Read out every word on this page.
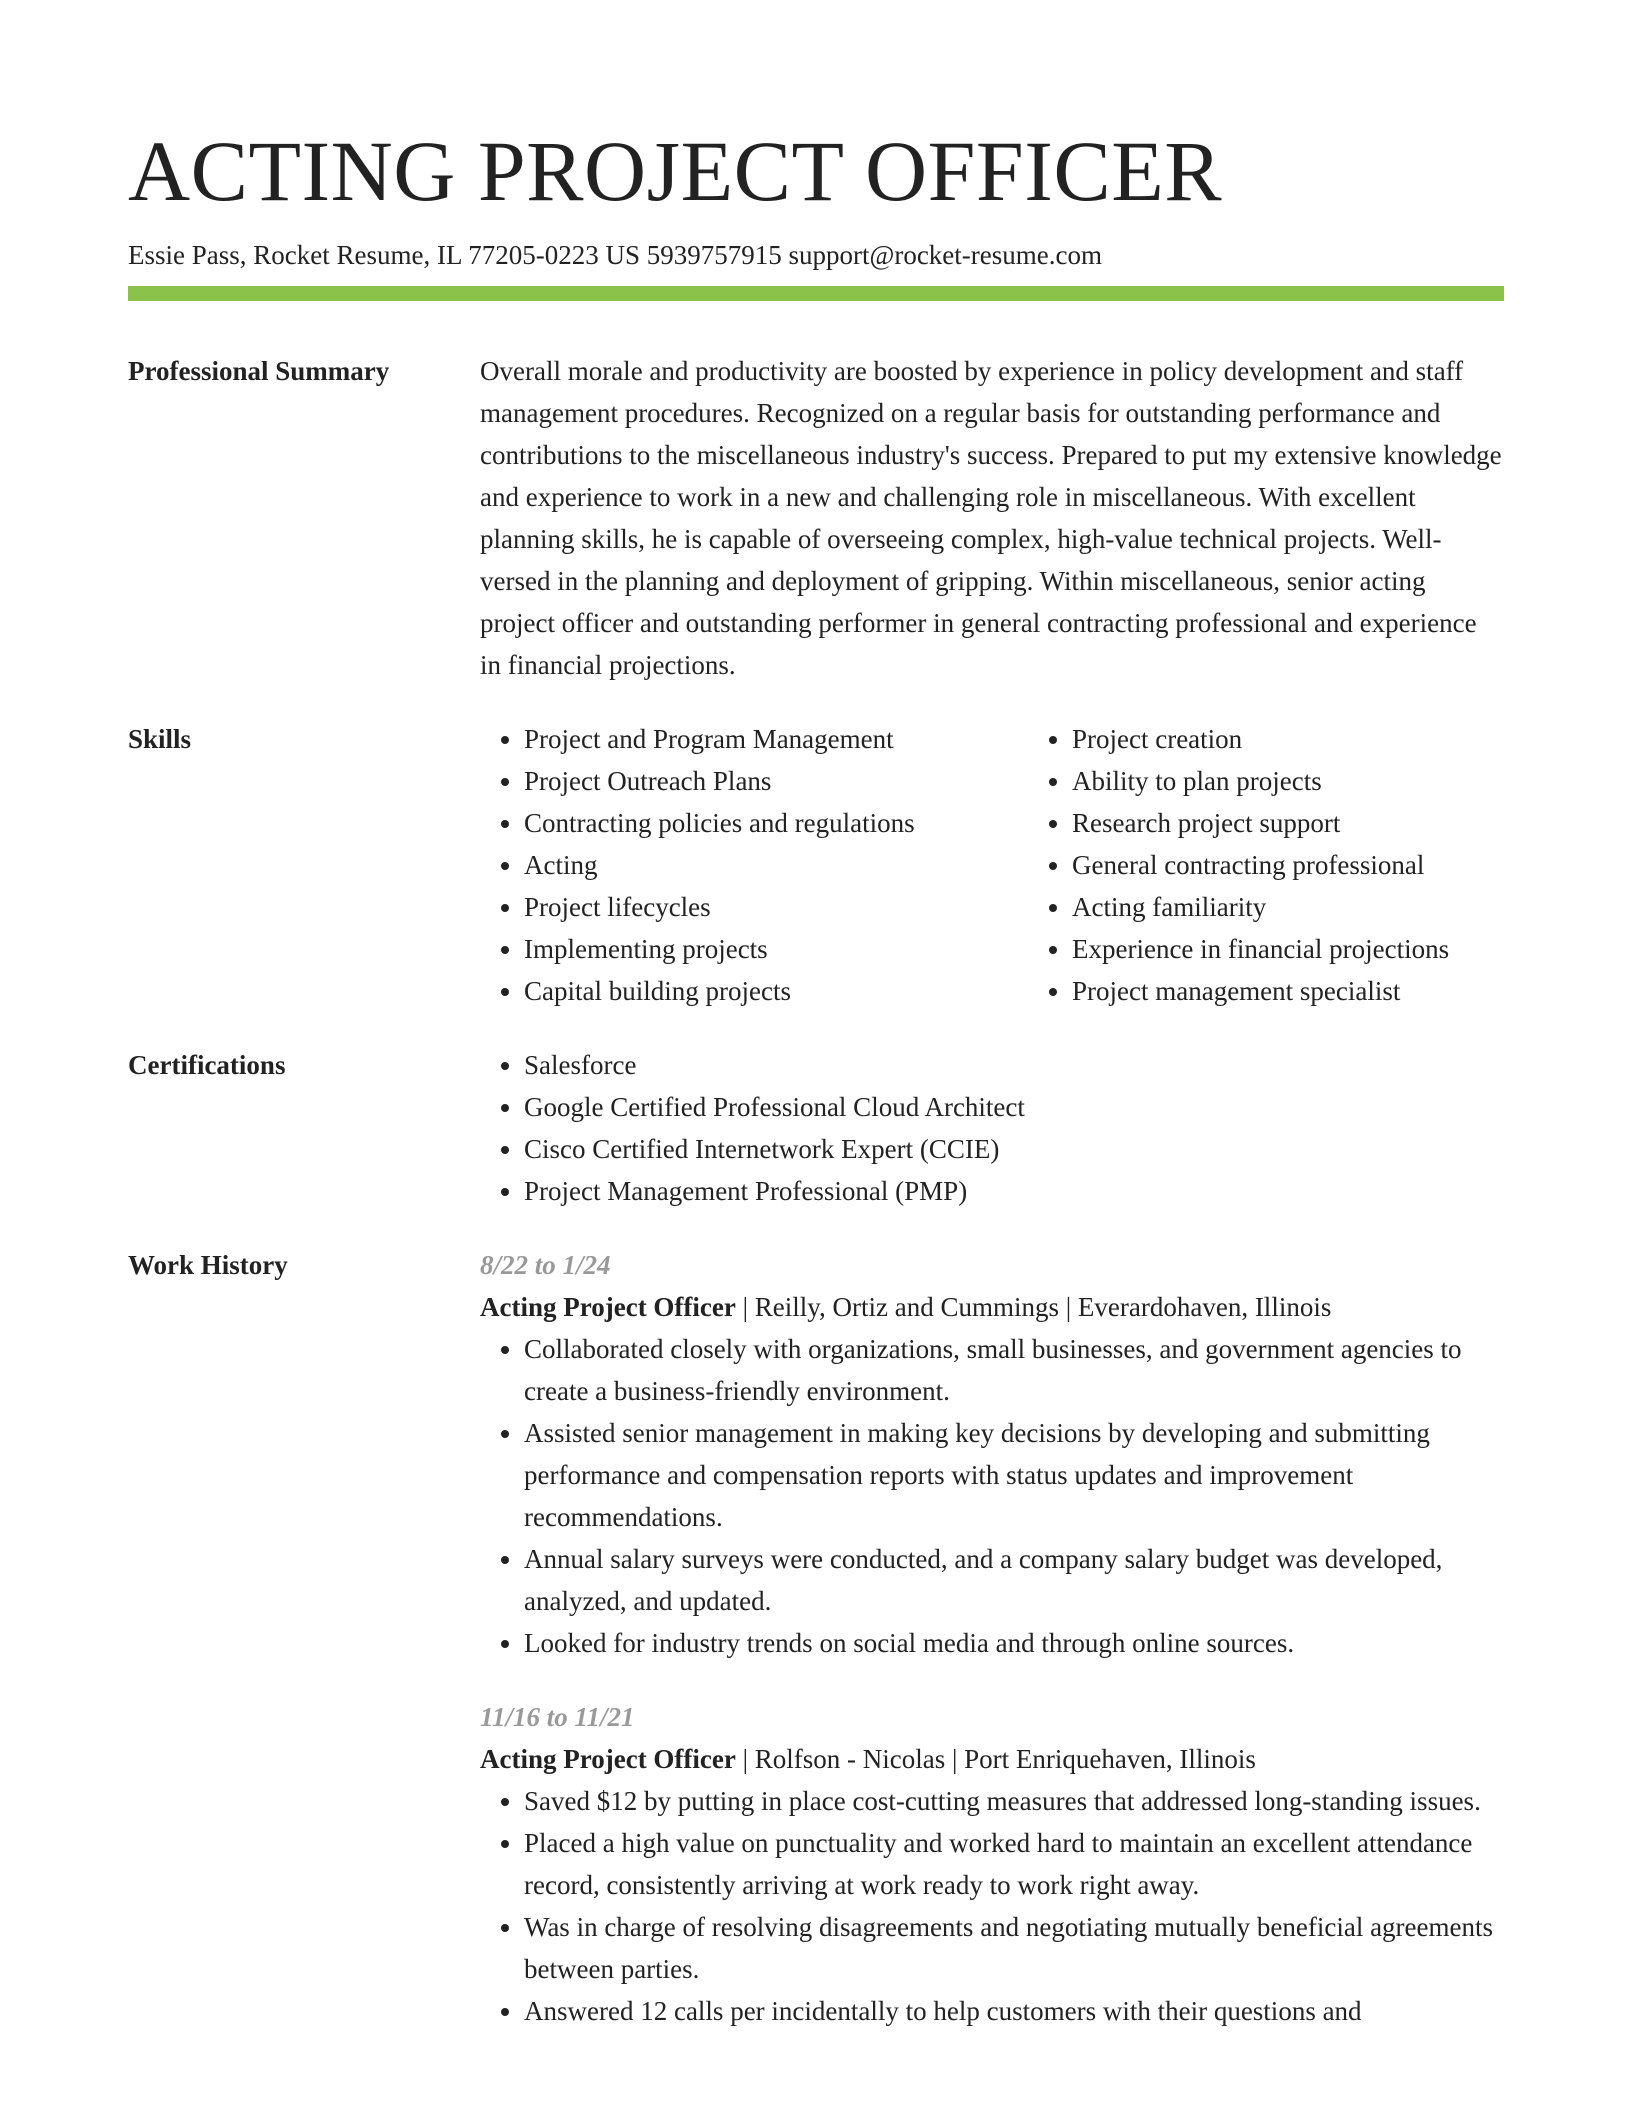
ACTING PROJECT OFFICER
Essie Pass, Rocket Resume, IL 77205-0223 US 5939757915 support@rocket-resume.com
Professional Summary	Overall morale and productivity are boosted by experience in policy development and staff management procedures. Recognized on a regular basis for outstanding performance and contributions to the miscellaneous industry's success. Prepared to put my extensive knowledge and experience to work in a new and challenging role in miscellaneous. With excellent planning skills, he is capable of overseeing complex, high-value technical projects. Well-versed in the planning and deployment of gripping. Within miscellaneous, senior acting project officer and outstanding performer in general contracting professional and experience in financial projections.

Skills	• Project and Program Management
• Project Outreach Plans
• Contracting policies and regulations
• Acting
• Project lifecycles
• Implementing projects
• Capital building projects
• Project creation
• Ability to plan projects
• Research project support
• General contracting professional
• Acting familiarity
• Experience in financial projections
• Project management specialist
Certifications	• Salesforce
• Google Certified Professional Cloud Architect
• Cisco Certified Internetwork Expert (CCIE)
• Project Management Professional (PMP)
Work History	8/22 to 1/24
Acting Project Officer | Reilly, Ortiz and Cummings | Everardohaven, Illinois
• Collaborated closely with organizations, small businesses, and government agencies to create a business-friendly environment.
• Assisted senior management in making key decisions by developing and submitting performance and compensation reports with status updates and improvement recommendations.
• Annual salary surveys were conducted, and a company salary budget was developed, analyzed, and updated.
• Looked for industry trends on social media and through online sources.
11/16 to 11/21
Acting Project Officer | Rolfson - Nicolas | Port Enriquehaven, Illinois
• Saved $12 by putting in place cost-cutting measures that addressed long-standing issues.
• Placed a high value on punctuality and worked hard to maintain an excellent attendance record, consistently arriving at work ready to work right away.
• Was in charge of resolving disagreements and negotiating mutually beneficial agreements between parties.
• Answered 12 calls per incidentally to help customers with their questions and
